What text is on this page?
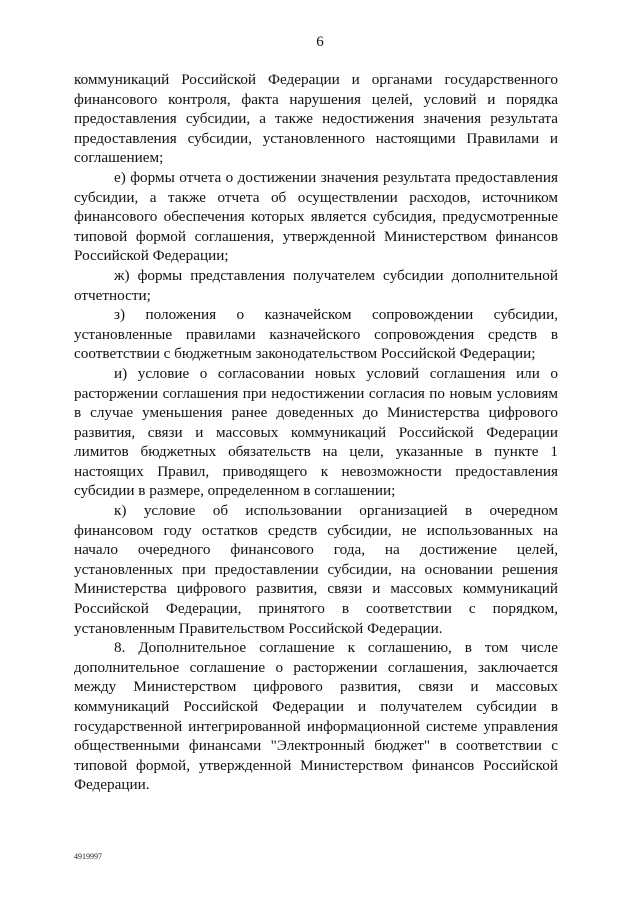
6

коммуникаций Российской Федерации и органами государственного финансового контроля, факта нарушения целей, условий и порядка предоставления субсидии, а также недостижения значения результата предоставления субсидии, установленного настоящими Правилами и соглашением;

е) формы отчета о достижении значения результата предоставления субсидии, а также отчета об осуществлении расходов, источником финансового обеспечения которых является субсидия, предусмотренные типовой формой соглашения, утвержденной Министерством финансов Российской Федерации;

ж) формы представления получателем субсидии дополнительной отчетности;

з) положения о казначейском сопровождении субсидии, установленные правилами казначейского сопровождения средств в соответствии с бюджетным законодательством Российской Федерации;

и) условие о согласовании новых условий соглашения или о расторжении соглашения при недостижении согласия по новым условиям в случае уменьшения ранее доведенных до Министерства цифрового развития, связи и массовых коммуникаций Российской Федерации лимитов бюджетных обязательств на цели, указанные в пункте 1 настоящих Правил, приводящего к невозможности предоставления субсидии в размере, определенном в соглашении;

к) условие об использовании организацией в очередном финансовом году остатков средств субсидии, не использованных на начало очередного финансового года, на достижение целей, установленных при предоставлении субсидии, на основании решения Министерства цифрового развития, связи и массовых коммуникаций Российской Федерации, принятого в соответствии с порядком, установленным Правительством Российской Федерации.

8. Дополнительное соглашение к соглашению, в том числе дополнительное соглашение о расторжении соглашения, заключается между Министерством цифрового развития, связи и массовых коммуникаций Российской Федерации и получателем субсидии в государственной интегрированной информационной системе управления общественными финансами "Электронный бюджет" в соответствии с типовой формой, утвержденной Министерством финансов Российской Федерации.

4919997
